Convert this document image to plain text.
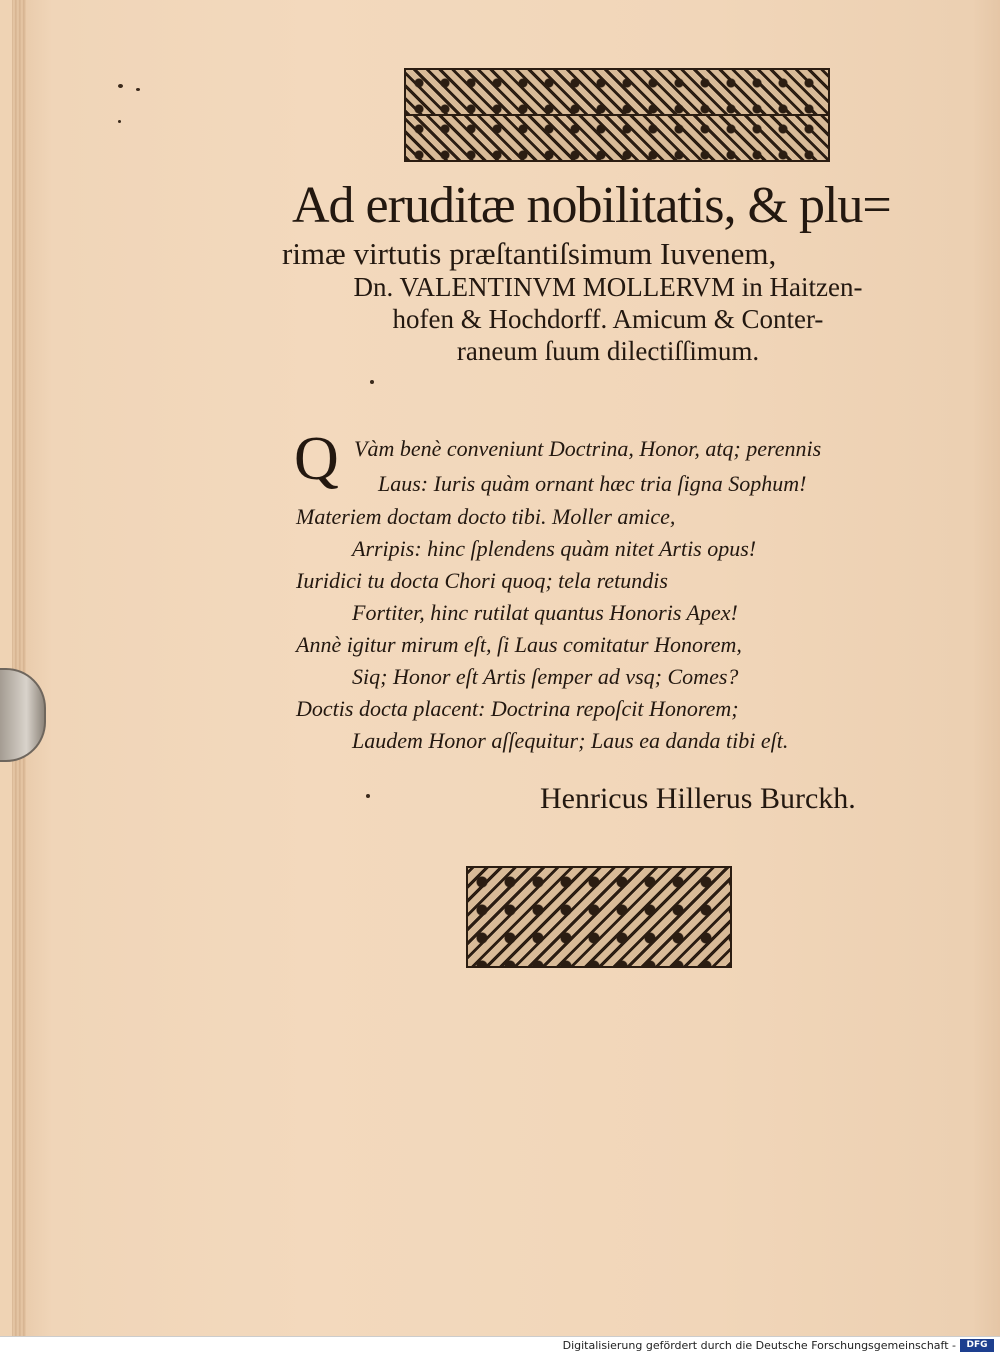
Ad eruditæ nobilitatis, & plu=

rimæ virtutis præſtantiſsimum Iuvenem,

Dn. VALENTINVM MOLLERVM in Haitzen-

hofen & Hochdorff. Amicum & Conter-

raneum ſuum dilectiſſimum.

Q Vàm benè conveniunt Doctrina, Honor, atq; perennis
Laus: Iuris quàm ornant hæc tria ſigna Sophum!
Materiem doctam docto tibi. Moller amice,
Arripis: hinc ſplendens quàm nitet Artis opus!
Iuridici tu docta Chori quoq; tela retundis
Fortiter, hinc rutilat quantus Honoris Apex!
Annè igitur mirum eſt, ſi Laus comitatur Honorem,
Siq; Honor eſt Artis ſemper ad vsq; Comes?
Doctis docta placent: Doctrina repoſcit Honorem;
Laudem Honor aſſequitur; Laus ea danda tibi eſt.
Henricus Hillerus Burckh.
Digitalisierung gefördert durch die Deutsche Forschungsgemeinschaft -	DFG
